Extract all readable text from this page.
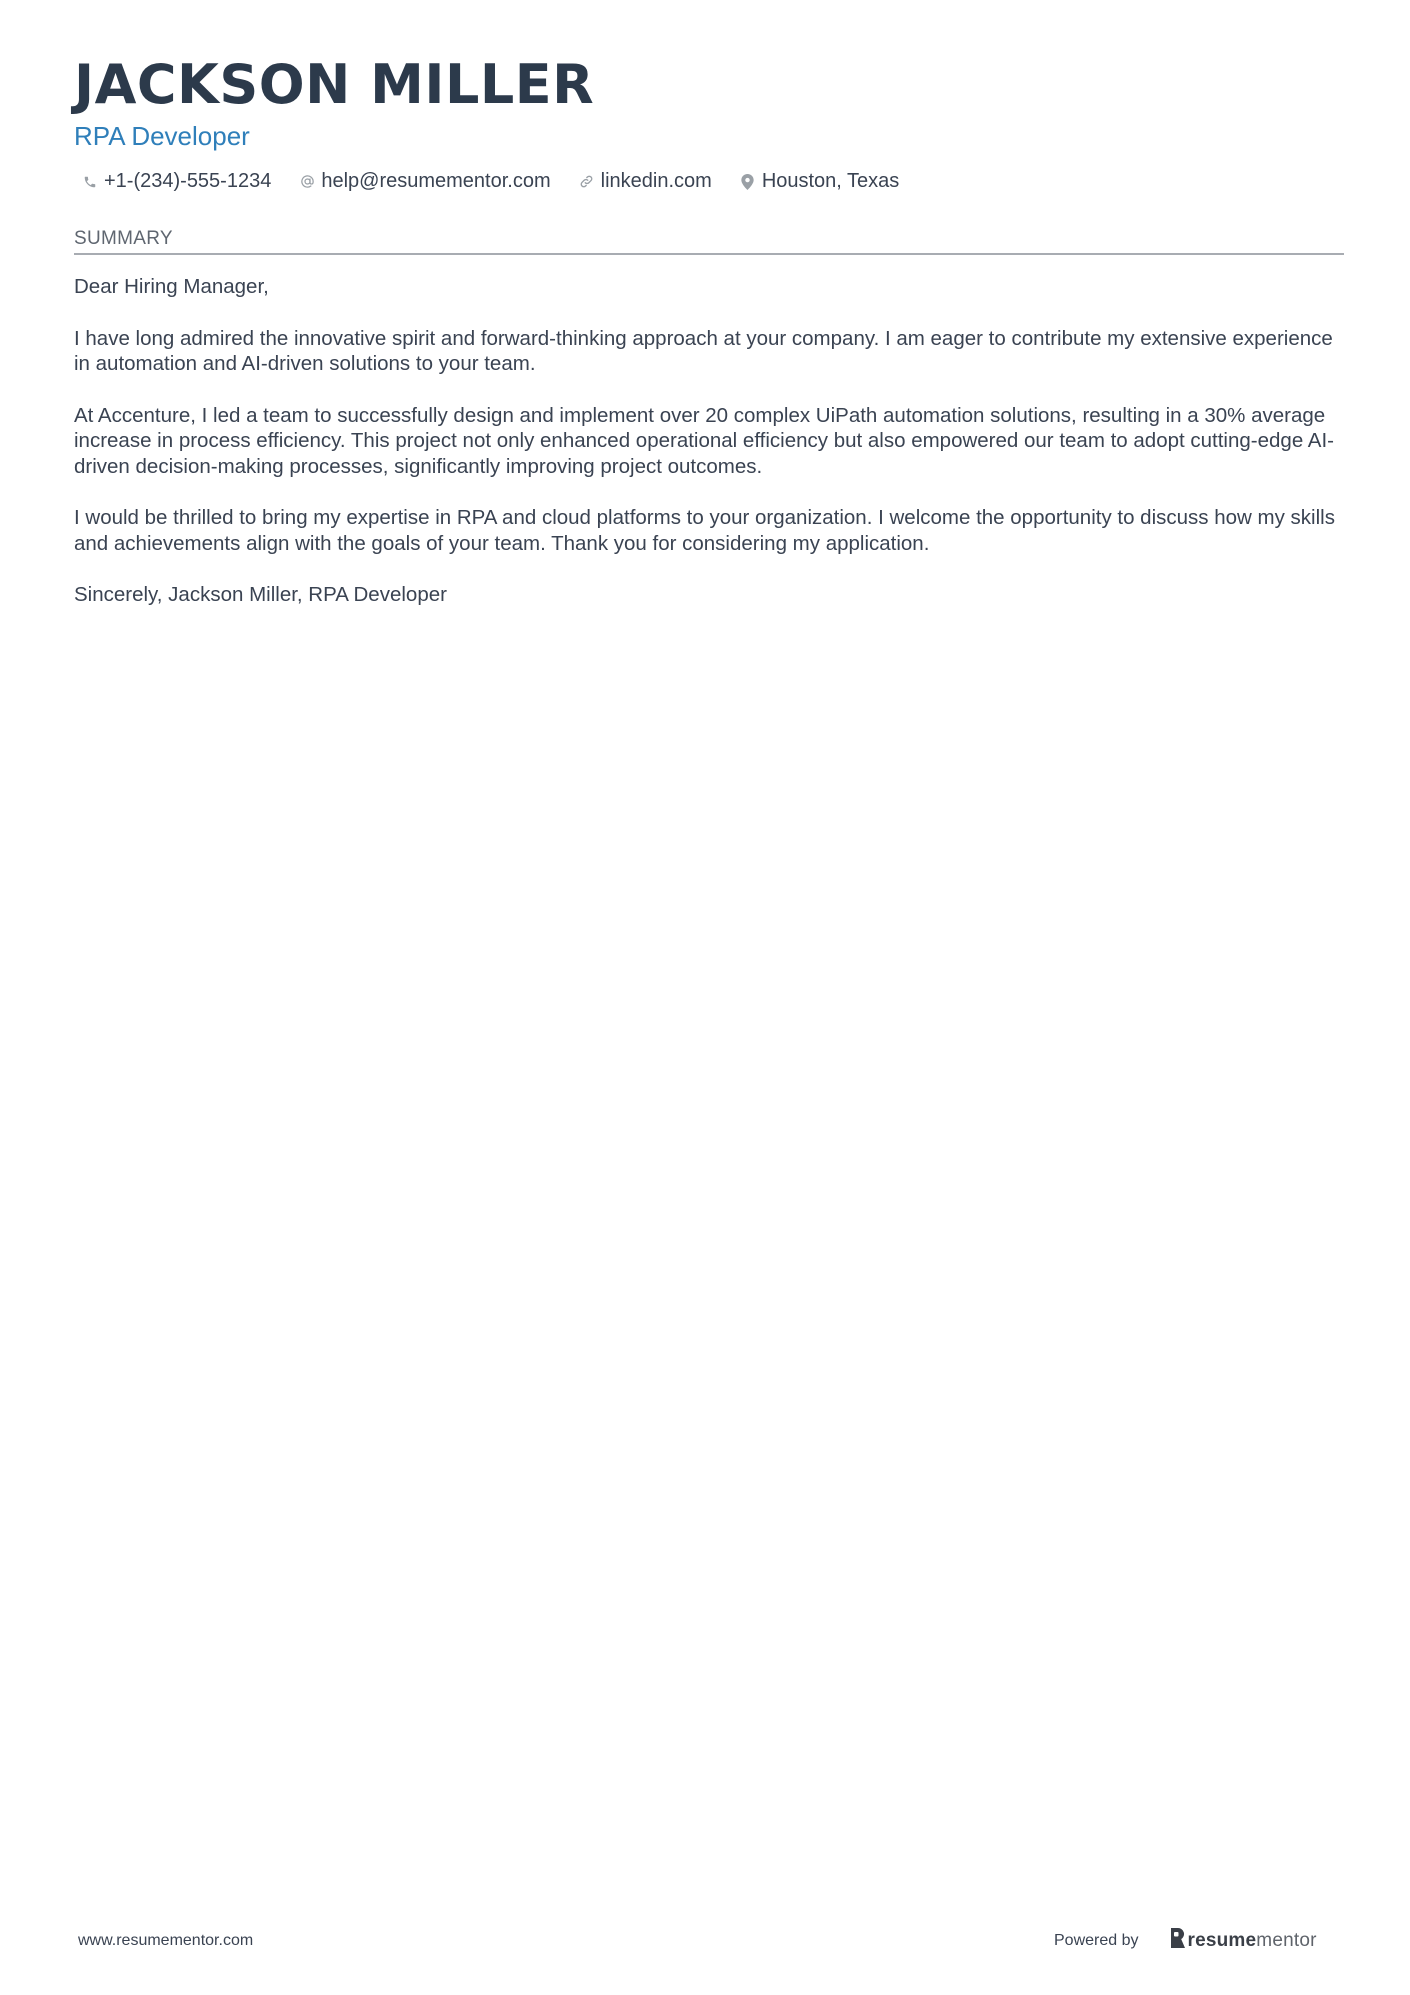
JACKSON MILLER
RPA Developer
+1-(234)-555-1234	help@resumementor.com	linkedin.com	Houston, Texas
SUMMARY

Dear Hiring Manager,

I have long admired the innovative spirit and forward-thinking approach at your company. I am eager to contribute my extensive experience in automation and AI-driven solutions to your team.

At Accenture, I led a team to successfully design and implement over 20 complex UiPath automation solutions, resulting in a 30% average increase in process efficiency. This project not only enhanced operational efficiency but also empowered our team to adopt cutting-edge AI-driven decision-making processes, significantly improving project outcomes.

I would be thrilled to bring my expertise in RPA and cloud platforms to your organization. I welcome the opportunity to discuss how my skills and achievements align with the goals of your team. Thank you for considering my application.

Sincerely, Jackson Miller, RPA Developer

www.resumementor.com	Powered by	resume mentor
